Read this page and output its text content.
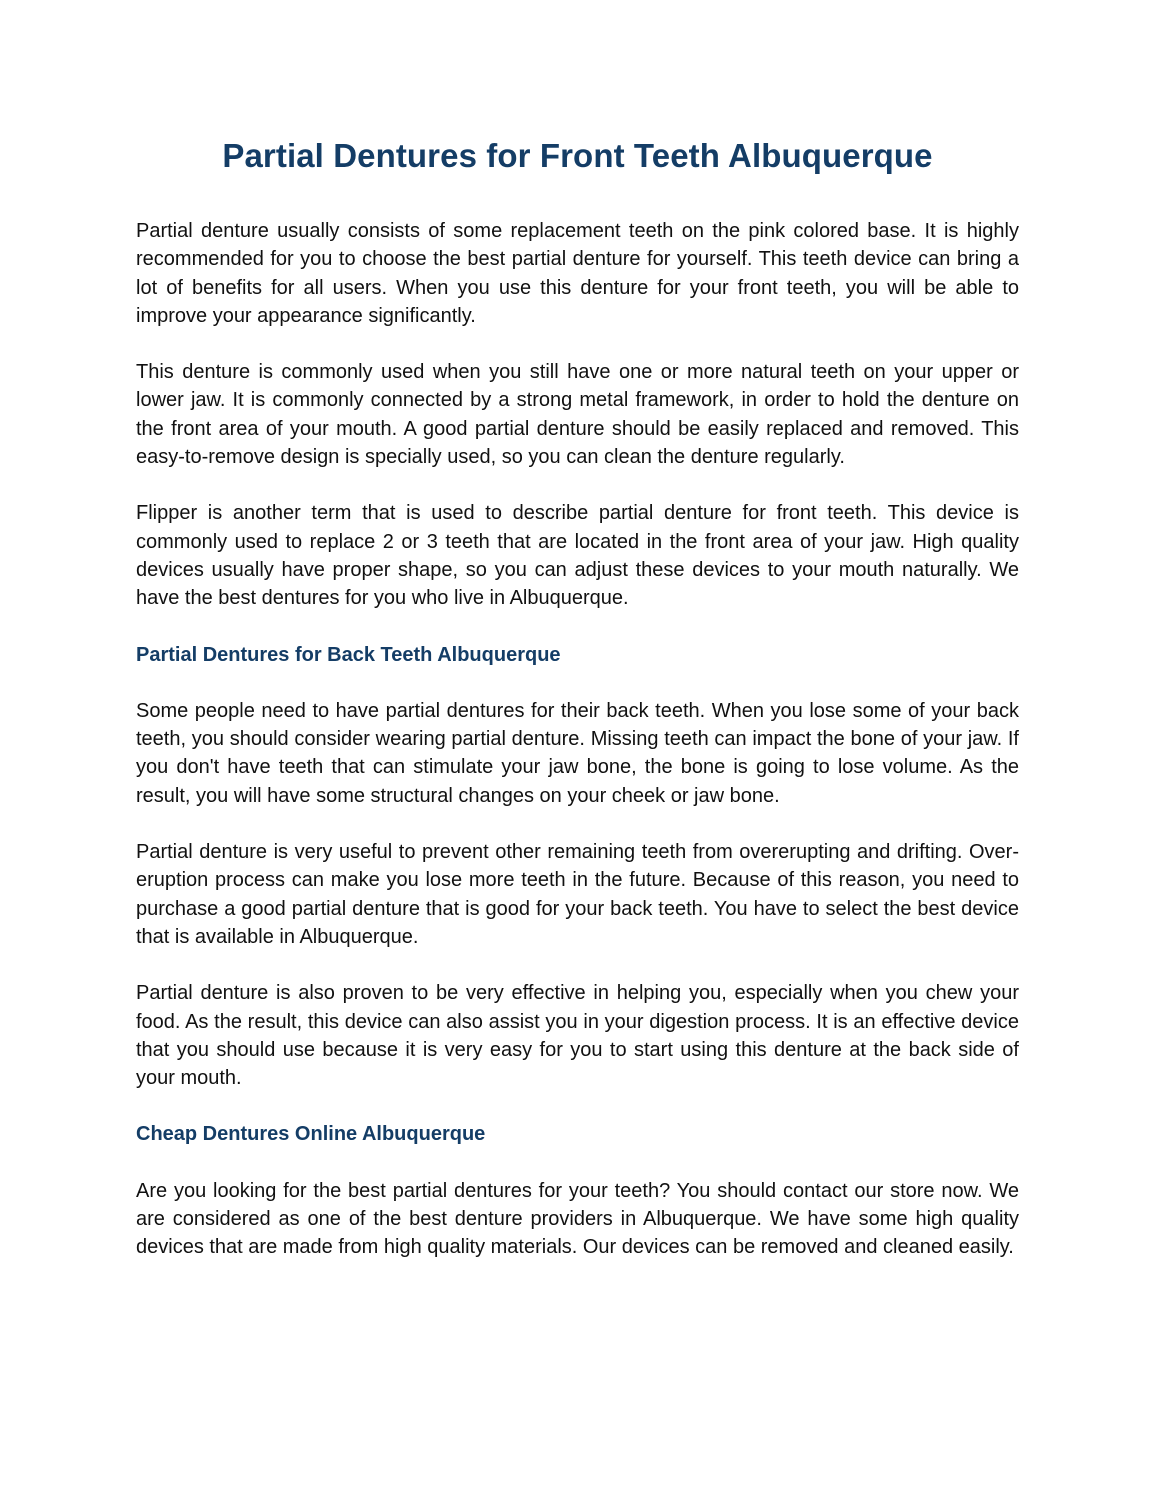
Partial Dentures for Front Teeth Albuquerque

Partial denture usually consists of some replacement teeth on the pink colored base. It is highly recommended for you to choose the best partial denture for yourself. This teeth device can bring a lot of benefits for all users. When you use this denture for your front teeth, you will be able to improve your appearance significantly.

This denture is commonly used when you still have one or more natural teeth on your upper or lower jaw. It is commonly connected by a strong metal framework, in order to hold the denture on the front area of your mouth. A good partial denture should be easily replaced and removed. This easy-to-remove design is specially used, so you can clean the denture regularly.

Flipper is another term that is used to describe partial denture for front teeth. This device is commonly used to replace 2 or 3 teeth that are located in the front area of your jaw. High quality devices usually have proper shape, so you can adjust these devices to your mouth naturally. We have the best dentures for you who live in Albuquerque.

Partial Dentures for Back Teeth Albuquerque

Some people need to have partial dentures for their back teeth. When you lose some of your back teeth, you should consider wearing partial denture. Missing teeth can impact the bone of your jaw. If you don't have teeth that can stimulate your jaw bone, the bone is going to lose volume. As the result, you will have some structural changes on your cheek or jaw bone.

Partial denture is very useful to prevent other remaining teeth from overerupting and drifting. Over-eruption process can make you lose more teeth in the future. Because of this reason, you need to purchase a good partial denture that is good for your back teeth. You have to select the best device that is available in Albuquerque.

Partial denture is also proven to be very effective in helping you, especially when you chew your food. As the result, this device can also assist you in your digestion process. It is an effective device that you should use because it is very easy for you to start using this denture at the back side of your mouth.

Cheap Dentures Online Albuquerque

Are you looking for the best partial dentures for your teeth? You should contact our store now. We are considered as one of the best denture providers in Albuquerque. We have some high quality devices that are made from high quality materials. Our devices can be removed and cleaned easily.
